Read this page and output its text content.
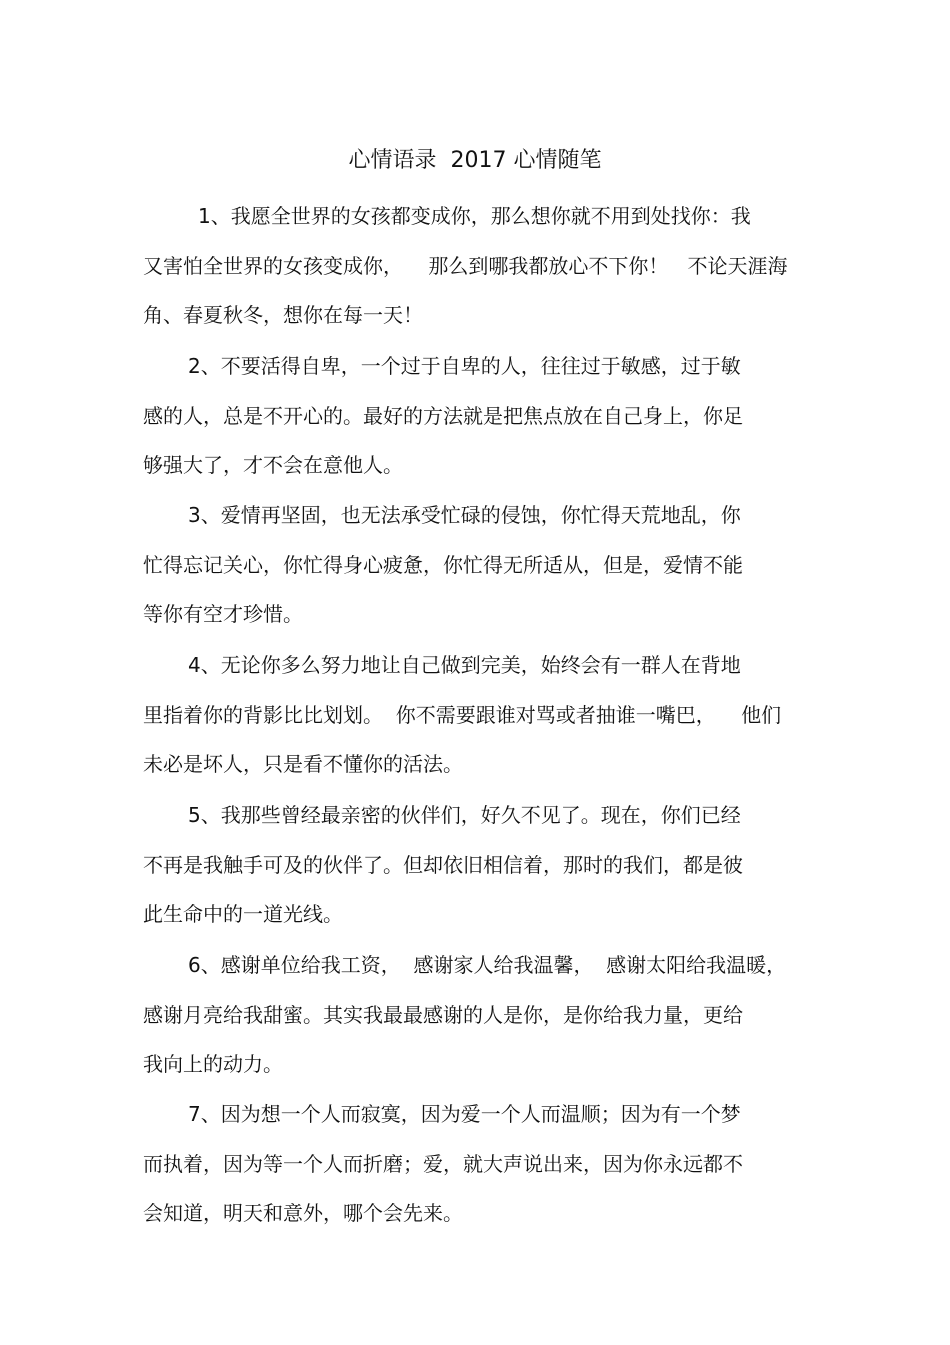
心情语录  2017 心情随笔
1、我愿全世界的女孩都变成你，那么想你就不用到处找你：我
又害怕全世界的女孩变成你，    那么到哪我都放心不下你！   不论天涯海
角、春夏秋冬，想你在每一天！
2、不要活得自卑，一个过于自卑的人，往往过于敏感，过于敏
感的人，总是不开心的。最好的方法就是把焦点放在自己身上，你足
够强大了，才不会在意他人。
3、爱情再坚固，也无法承受忙碌的侵蚀，你忙得天荒地乱，你
忙得忘记关心，你忙得身心疲惫，你忙得无所适从，但是，爱情不能
等你有空才珍惜。
4、无论你多么努力地让自己做到完美，始终会有一群人在背地
里指着你的背影比比划划。  你不需要跟谁对骂或者抽谁一嘴巴，    他们
未必是坏人，只是看不懂你的活法。
5、我那些曾经最亲密的伙伴们，好久不见了。现在，你们已经
不再是我触手可及的伙伴了。但却依旧相信着，那时的我们，都是彼
此生命中的一道光线。
6、感谢单位给我工资，  感谢家人给我温馨，  感谢太阳给我温暖，
感谢月亮给我甜蜜。其实我最最感谢的人是你，是你给我力量，更给
我向上的动力。
7、因为想一个人而寂寞，因为爱一个人而温顺；因为有一个梦
而执着，因为等一个人而折磨；爱，就大声说出来，因为你永远都不
会知道，明天和意外，哪个会先来。
